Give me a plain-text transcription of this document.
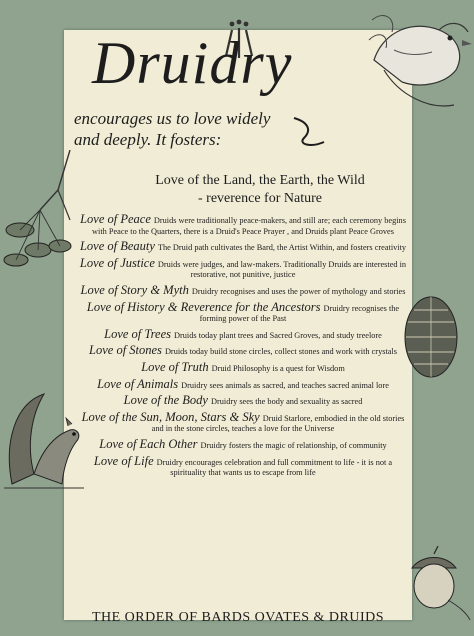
Druidry
encourages us to love widely
and deeply. It fosters:
Love of the Land, the Earth, the Wild
- reverence for Nature
Love of Peace Druids were traditionally peace-makers, and still are; each ceremony begins with Peace to the Quarters, there is a Druid's Peace Prayer , and Druids plant Peace Groves
Love of Beauty The Druid path cultivates the Bard, the Artist Within, and fosters creativity
Love of Justice Druids were judges, and law-makers. Traditionally Druids are interested in restorative, not punitive, justice
Love of Story & Myth Druidry recognises and uses the power of mythology and stories
Love of History & Reverence for the Ancestors Druidry recognises the forming power of the Past
Love of Trees Druids today plant trees and Sacred Groves, and study treelore
Love of Stones Druids today build stone circles, collect stones and work with crystals
Love of Truth Druid Philosophy is a quest for Wisdom
Love of Animals Druidry sees animals as sacred, and teaches sacred animal lore
Love of the Body Druidry sees the body and sexuality as sacred
Love of the Sun, Moon, Stars & Sky Druid Starlore, embodied in the old stories and in the stone circles, teaches a love for the Universe
Love of Each Other Druidry fosters the magic of relationship, of community
Love of Life Druidry encourages celebration and full commitment to life - it is not a spirituality that wants us to escape from life
THE ORDER OF BARDS OVATES & DRUIDS
